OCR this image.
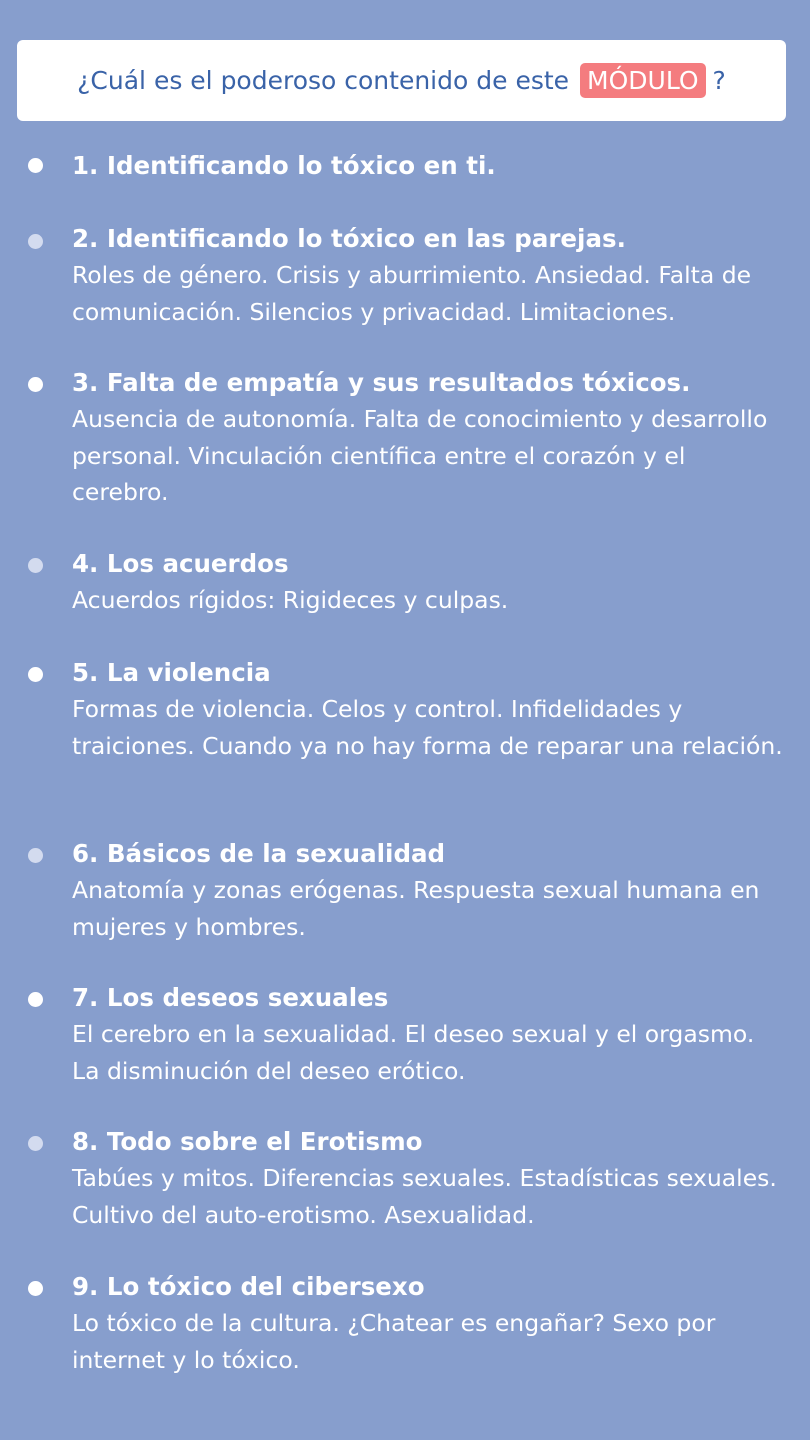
¿Cuál es el poderoso contenido de este MÓDULO ?
1. Identificando lo tóxico en ti.
2. Identificando lo tóxico en las parejas.
Roles de género. Crisis y aburrimiento. Ansiedad. Falta de comunicación. Silencios y privacidad. Limitaciones.
3. Falta de empatía y sus resultados tóxicos.
Ausencia de autonomía. Falta de conocimiento y desarrollo personal. Vinculación científica entre el corazón y el cerebro.
4. Los acuerdos
Acuerdos rígidos: Rigideces y culpas.
5. La violencia
Formas de violencia. Celos y control. Infidelidades y traiciones. Cuando ya no hay forma de reparar una relación.
6. Básicos de la sexualidad
Anatomía y zonas erógenas. Respuesta sexual humana en mujeres y hombres.
7. Los deseos sexuales
El cerebro en la sexualidad. El deseo sexual y el orgasmo. La disminución del deseo erótico.
8. Todo sobre el Erotismo
Tabúes y mitos. Diferencias sexuales. Estadísticas sexuales. Cultivo del auto-erotismo. Asexualidad.
9. Lo tóxico del cibersexo
Lo tóxico de la cultura. ¿Chatear es engañar? Sexo por internet y lo tóxico.
